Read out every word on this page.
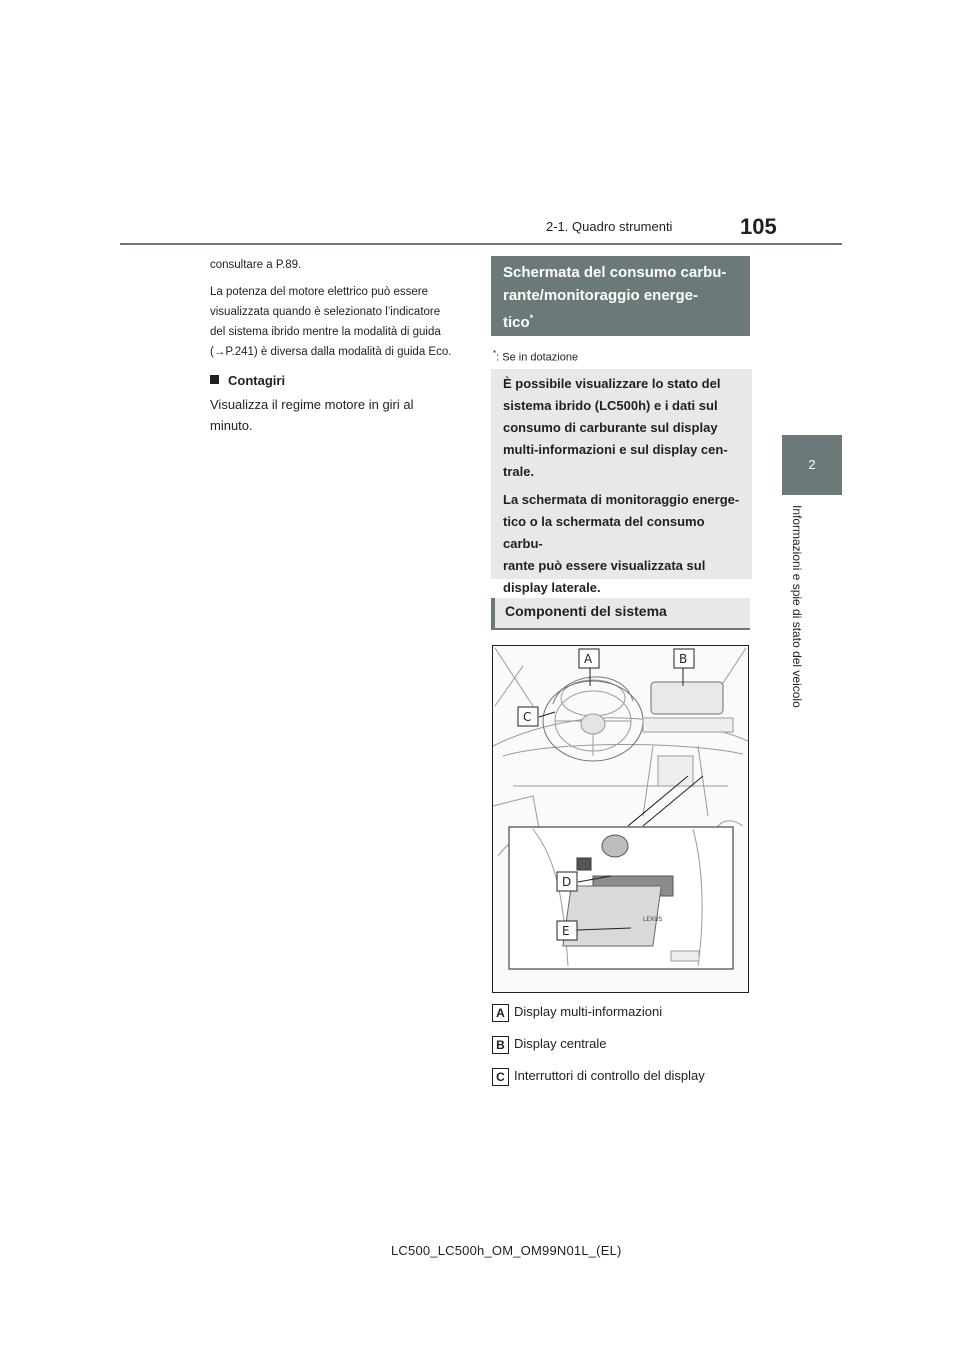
2-1. Quadro strumenti	105
2
Informazioni e spie di stato del veicolo

consultare a P.89.

La potenza del motore elettrico può essere

visualizzata quando è selezionato l’indicatore

del sistema ibrido mentre la modalità di guida

(→P.241) è diversa dalla modalità di guida Eco.

Contagiri

Visualizza il regime motore in giri al

minuto.

Schermata del consumo carbu-
rante/monitoraggio energe-
tico*
*: Se in dotazione

È possibile visualizzare lo stato del
sistema ibrido (LC500h) e i dati sul
consumo di carburante sul display
multi-informazioni e sul display cen-
trale.

La schermata di monitoraggio energe-
tico o la schermata del consumo carbu-
rante può essere visualizzata sul
display laterale.

Componenti del sistema
LEXUS
A	B
C
D
E
A Display multi-informazioni
B Display centrale
C Interruttori di controllo del display
LC500_LC500h_OM_OM99N01L_(EL)
